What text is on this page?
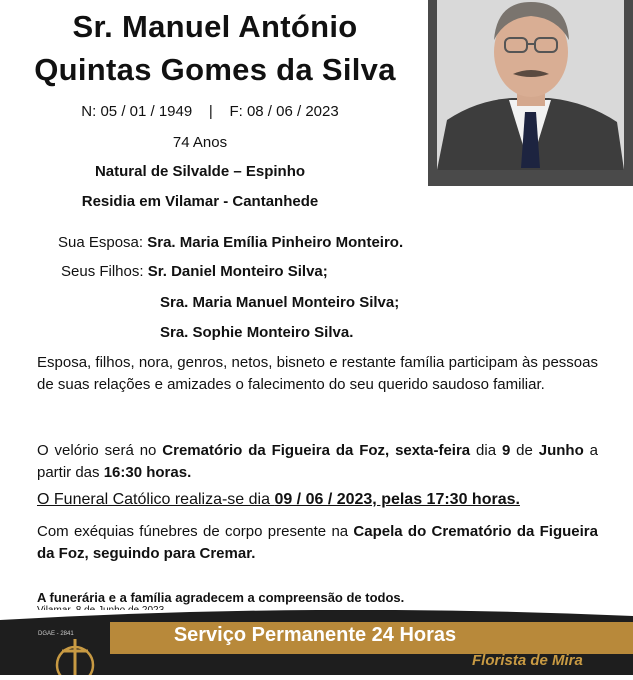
Sr. Manuel António
Quintas Gomes da Silva
N: 05 / 01 / 1949    |    F: 08 / 06 / 2023
74 Anos
Natural de Silvalde – Espinho
Residia em Vilamar - Cantanhede
Sua Esposa: Sra. Maria Emília Pinheiro Monteiro.
Seus Filhos: Sr. Daniel Monteiro Silva;
Sra. Maria Manuel Monteiro Silva;
Sra. Sophie Monteiro Silva.
Esposa, filhos, nora, genros, netos, bisneto e restante família participam às pessoas de suas relações e amizades o falecimento do seu querido saudoso familiar.
O velório será no Crematório da Figueira da Foz, sexta-feira dia 9 de Junho a partir das 16:30 horas.
O Funeral Católico realiza-se dia 09 / 06 / 2023, pelas 17:30 horas.
Com exéquias fúnebres de corpo presente na Capela do Crematório da Figueira da Foz, seguindo para Cremar.
A funerária e a família agradecem a compreensão de todos.
Serviço Permanente 24 Horas
DGAE - 2841
Florista de Mira
